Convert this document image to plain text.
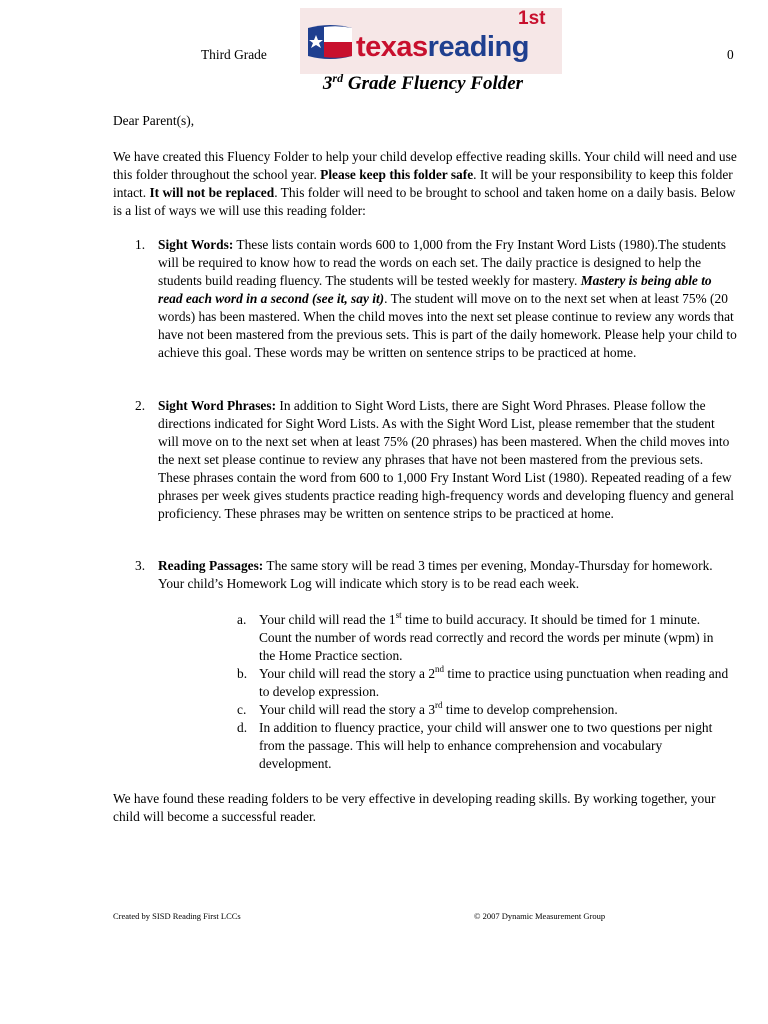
Third Grade	texasreading
1st
0
3rd Grade Fluency Folder

Dear Parent(s),

We have created this Fluency Folder to help your child develop effective reading skills. Your child will need and use this folder throughout the school year. Please keep this folder safe. It will be your responsibility to keep this folder intact. It will not be replaced. This folder will need to be brought to school and taken home on a daily basis. Below is a list of ways we will use this reading folder:

1. Sight Words: These lists contain words 600 to 1,000 from the Fry Instant Word Lists (1980).The students will be required to know how to read the words on each set. The daily practice is designed to help the students build reading fluency. The students will be tested weekly for mastery. Mastery is being able to read each word in a second (see it, say it). The student will move on to the next set when at least 75% (20 words) has been mastered. When the child moves into the next set please continue to review any words that have not been mastered from the previous sets. This is part of the daily homework. Please help your child to achieve this goal. These words may be written on sentence strips to be practiced at home.

2. Sight Word Phrases: In addition to Sight Word Lists, there are Sight Word Phrases. Please follow the directions indicated for Sight Word Lists. As with the Sight Word List, please remember that the student will move on to the next set when at least 75% (20 phrases) has been mastered. When the child moves into the next set please continue to review any phrases that have not been mastered from the previous sets. These phrases contain the word from 600 to 1,000 Fry Instant Word List (1980). Repeated reading of a few phrases per week gives students practice reading high-frequency words and developing fluency and general proficiency. These phrases may be written on sentence strips to be practiced at home.

3. Reading Passages: The same story will be read 3 times per evening, Monday-Thursday for homework. Your child’s Homework Log will indicate which story is to be read each week.

a. Your child will read the 1st time to build accuracy. It should be timed for 1 minute. Count the number of words read correctly and record the words per minute (wpm) in the Home Practice section.

b. Your child will read the story a 2nd time to practice using punctuation when reading and to develop expression.

c. Your child will read the story a 3rd time to develop comprehension.

d. In addition to fluency practice, your child will answer one to two questions per night from the passage. This will help to enhance comprehension and vocabulary development.

We have found these reading folders to be very effective in developing reading skills. By working together, your child will become a successful reader.

Created by SISD Reading First LCCs	© 2007 Dynamic Measurement Group
